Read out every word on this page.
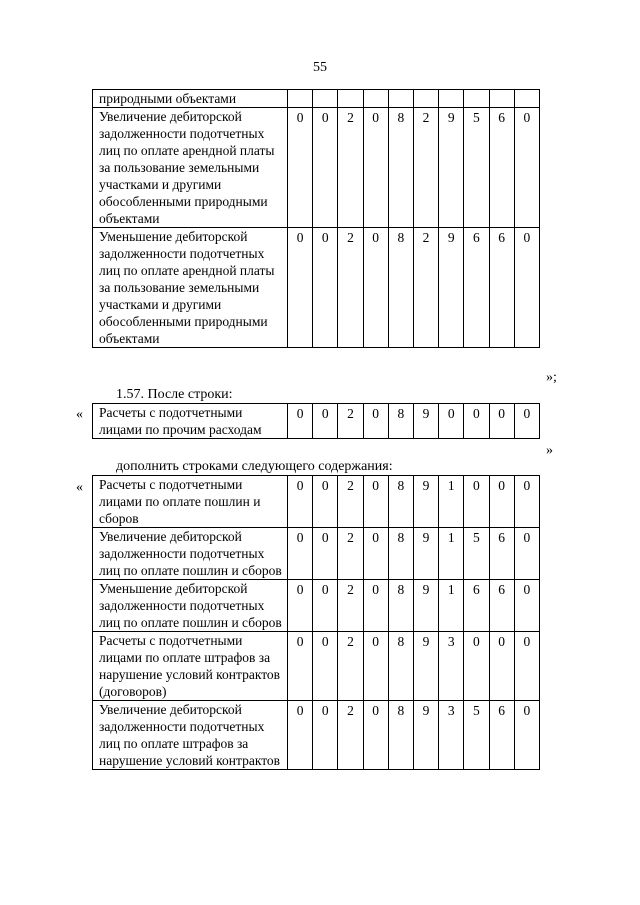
55
природными объектами										
Увеличение дебиторской задолженности подотчетных лиц по оплате арендной платы за пользование земельными участками и другими обособленными природными объектами	0	0	2	0	8	2	9	5	6	0
Уменьшение дебиторской задолженности подотчетных лиц по оплате арендной платы за пользование земельными участками и другими обособленными природными объектами	0	0	2	0	8	2	9	6	6	0
»;
1.57. После строки:
« Расчеты с подотчетными лицами по прочим расходам	0	0	2	0	8	9	0	0	0	0
»
дополнить строками следующего содержания:
« Расчеты с подотчетными лицами по оплате пошлин и сборов	0	0	2	0	8	9	1	0	0	0
Увеличение дебиторской задолженности подотчетных лиц по оплате пошлин и сборов	0	0	2	0	8	9	1	5	6	0
Уменьшение дебиторской задолженности подотчетных лиц по оплате пошлин и сборов	0	0	2	0	8	9	1	6	6	0
Расчеты с подотчетными лицами по оплате штрафов за нарушение условий контрактов (договоров)	0	0	2	0	8	9	3	0	0	0
Увеличение дебиторской задолженности подотчетных лиц по оплате штрафов за нарушение условий контрактов	0	0	2	0	8	9	3	5	6	0
